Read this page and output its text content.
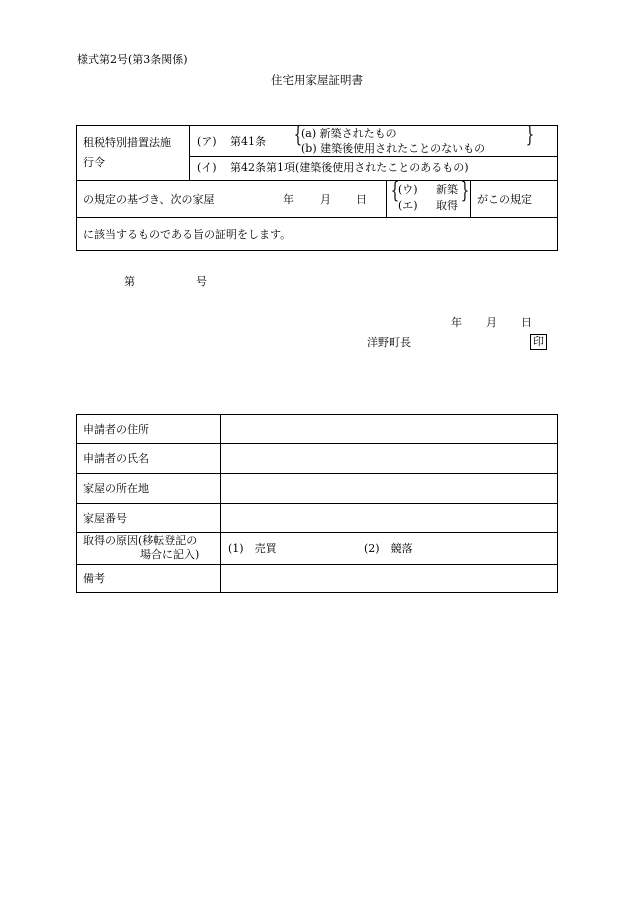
様式第2号(第3条関係)
住宅用家屋証明書
租税特別措置法施
行令
(ア) 第41条 {
(a) 新築されたもの
(b) 建築後使用されたことのないもの
}
(イ) 第42条第1項(建築後使用されたことのあるもの)
の規定の基づき、次の家屋	年 月 日 {
(ウ) 新築
(エ) 取得
} がこの規定
に該当するものである旨の証明をします。
第	号
年 月 日
洋野町長	印
申請者の住所
申請者の氏名
家屋の所在地
家屋番号
取得の原因(移転登記の
場合に記入)	(1)　売買	(2)　競落
備考
